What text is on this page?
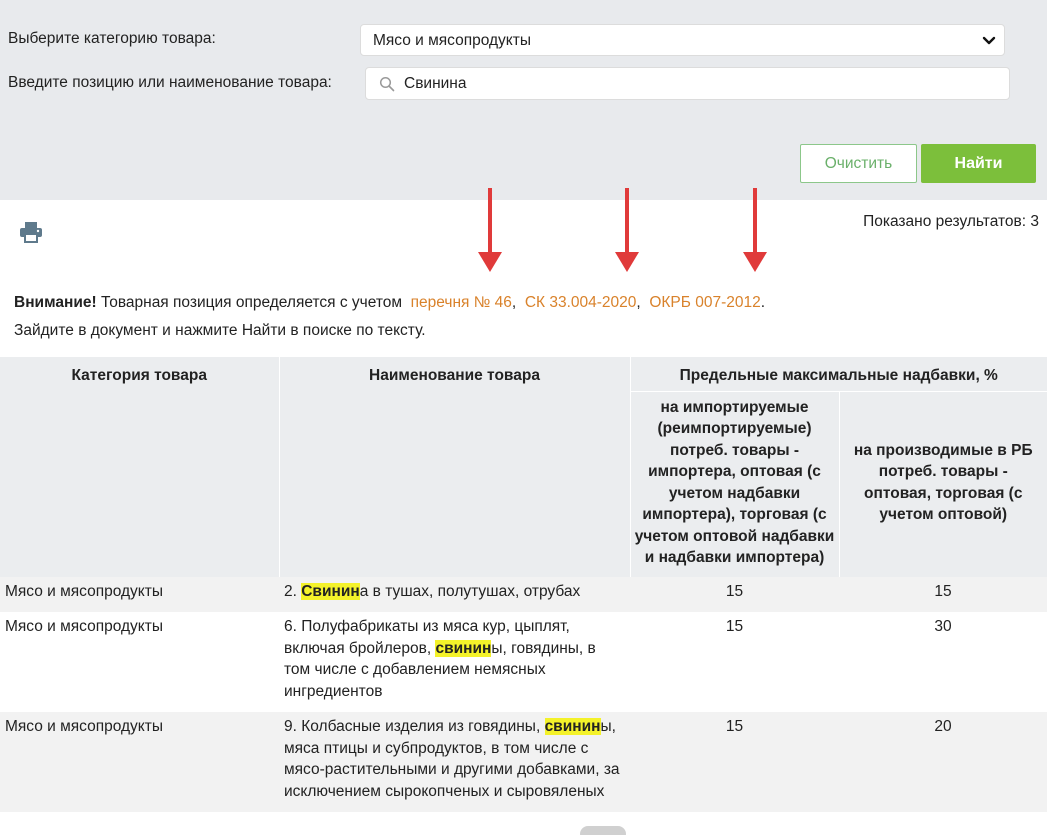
Выберите категорию товара:	Мясо и мясопродукты
Введите позицию или наименование товара:	Свинина
Очистить	Найти
Показано результатов: 3
Внимание! Товарная позиция определяется с учетом перечня № 46,  СК 33.004-2020,  ОКРБ 007-2012.
Зайдите в документ и нажмите Найти в поиске по тексту.
Категория товара	Наименование товара	Предельные максимальные надбавки, %	
		на импортируемые (реимпортируемые) потреб. товары - импортера, оптовая (с учетом надбавки импортера), торговая (с учетом оптовой надбавки и надбавки импортера)	на производимые в РБ потреб. товары - оптовая, торговая (с учетом оптовой)
Мясо и мясопродукты	2. Свинина в тушах, полутушах, отрубах	15	15
Мясо и мясопродукты	6. Полуфабрикаты из мяса кур, цыплят, включая бройлеров, свинины, говядины, в том числе с добавлением немясных ингредиентов	15	30
Мясо и мясопродукты	9. Колбасные изделия из говядины, свинины, мяса птицы и субпродуктов, в том числе с мясо-растительными и другими добавками, за исключением сырокопченых и сыровяленых	15	20
